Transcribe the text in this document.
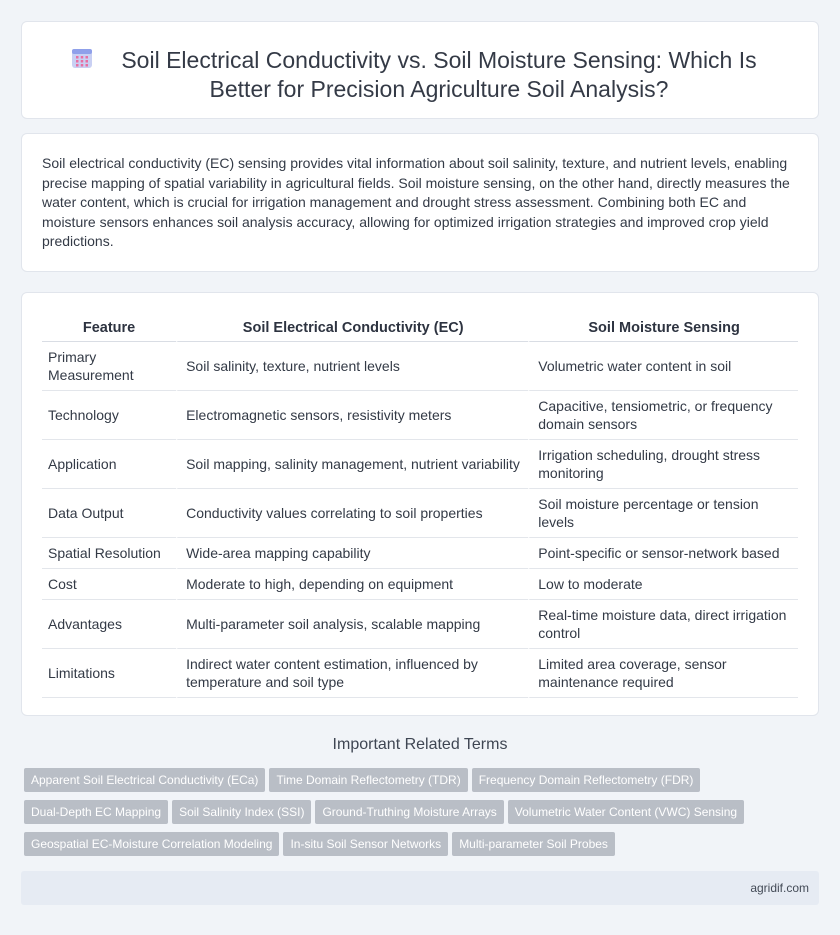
Soil Electrical Conductivity vs. Soil Moisture Sensing: Which Is Better for Precision Agriculture Soil Analysis?

Soil electrical conductivity (EC) sensing provides vital information about soil salinity, texture, and nutrient levels, enabling precise mapping of spatial variability in agricultural fields. Soil moisture sensing, on the other hand, directly measures the water content, which is crucial for irrigation management and drought stress assessment. Combining both EC and moisture sensors enhances soil analysis accuracy, allowing for optimized irrigation strategies and improved crop yield predictions.

Feature	Soil Electrical Conductivity (EC)	Soil Moisture Sensing
Primary Measurement	Soil salinity, texture, nutrient levels	Volumetric water content in soil
Technology	Electromagnetic sensors, resistivity meters	Capacitive, tensiometric, or frequency domain sensors
Application	Soil mapping, salinity management, nutrient variability	Irrigation scheduling, drought stress monitoring
Data Output	Conductivity values correlating to soil properties	Soil moisture percentage or tension levels
Spatial Resolution	Wide-area mapping capability	Point-specific or sensor-network based
Cost	Moderate to high, depending on equipment	Low to moderate
Advantages	Multi-parameter soil analysis, scalable mapping	Real-time moisture data, direct irrigation control
Limitations	Indirect water content estimation, influenced by temperature and soil type	Limited area coverage, sensor maintenance required
Important Related Terms
Apparent Soil Electrical Conductivity (ECa) Time Domain Reflectometry (TDR) Frequency Domain Reflectometry (FDR)
Dual-Depth EC Mapping Soil Salinity Index (SSI) Ground-Truthing Moisture Arrays Volumetric Water Content (VWC) Sensing
Geospatial EC-Moisture Correlation Modeling In-situ Soil Sensor Networks Multi-parameter Soil Probes
agridif.com
